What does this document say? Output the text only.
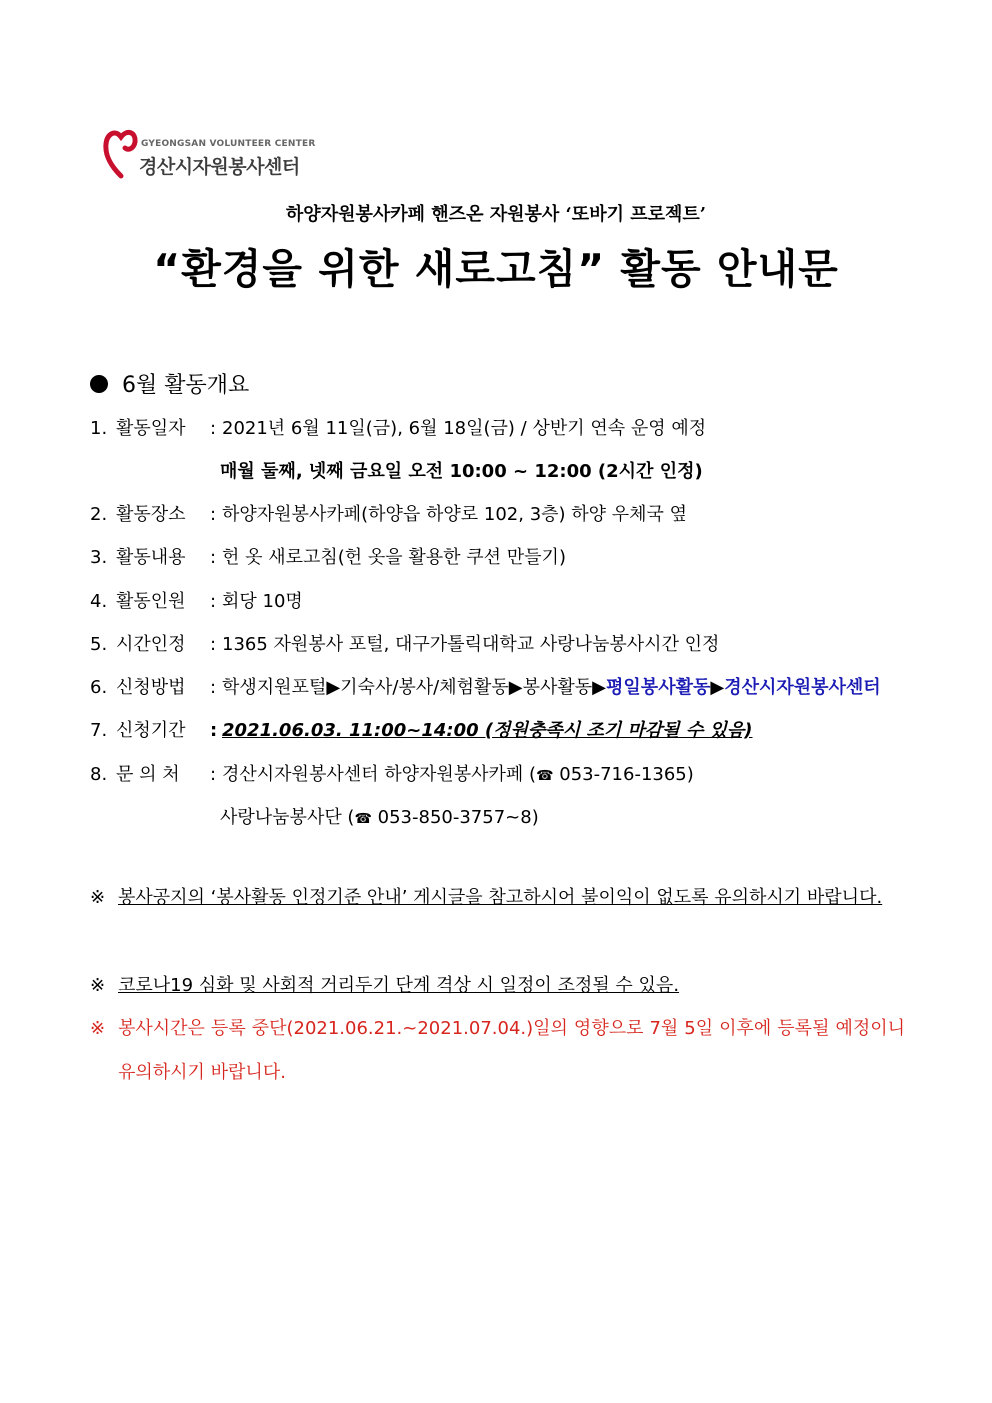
GYEONGSAN VOLUNTEER CENTER
경산시자원봉사센터
하양자원봉사카페 핸즈온 자원봉사 ‘또바기 프로젝트’
“환경을 위한 새로고침” 활동 안내문
6월 활동개요
1. 활동일자 : 2021년 6월 11일(금), 6월 18일(금) / 상반기 연속 운영 예정
매월 둘째, 넷째 금요일 오전 10:00 ~ 12:00 (2시간 인정)
2. 활동장소 : 하양자원봉사카페(하양읍 하양로 102, 3층) 하양 우체국 옆
3. 활동내용 : 헌 옷 새로고침(헌 옷을 활용한 쿠션 만들기)
4. 활동인원 : 회당 10명
5. 시간인정 : 1365 자원봉사 포털, 대구가톨릭대학교 사랑나눔봉사시간 인정
6. 신청방법 : 학생지원포털▶기숙사/봉사/체험활동▶봉사활동▶평일봉사활동▶경산시자원봉사센터
7. 신청기간 : 2021.06.03. 11:00~14:00 (정원충족시 조기 마감될 수 있음)
8. 문 의 처 : 경산시자원봉사센터 하양자원봉사카페 (☎ 053-716-1365)
사랑나눔봉사단 (☎ 053-850-3757~8)
※ 봉사공지의 ‘봉사활동 인정기준 안내’ 게시글을 참고하시어 불이익이 없도록 유의하시기 바랍니다.
※ 코로나19 심화 및 사회적 거리두기 단계 격상 시 일정이 조정될 수 있음.
※ 봉사시간은 등록 중단(2021.06.21.~2021.07.04.)일의 영향으로 7월 5일 이후에 등록될 예정이니 유의하시기 바랍니다.
